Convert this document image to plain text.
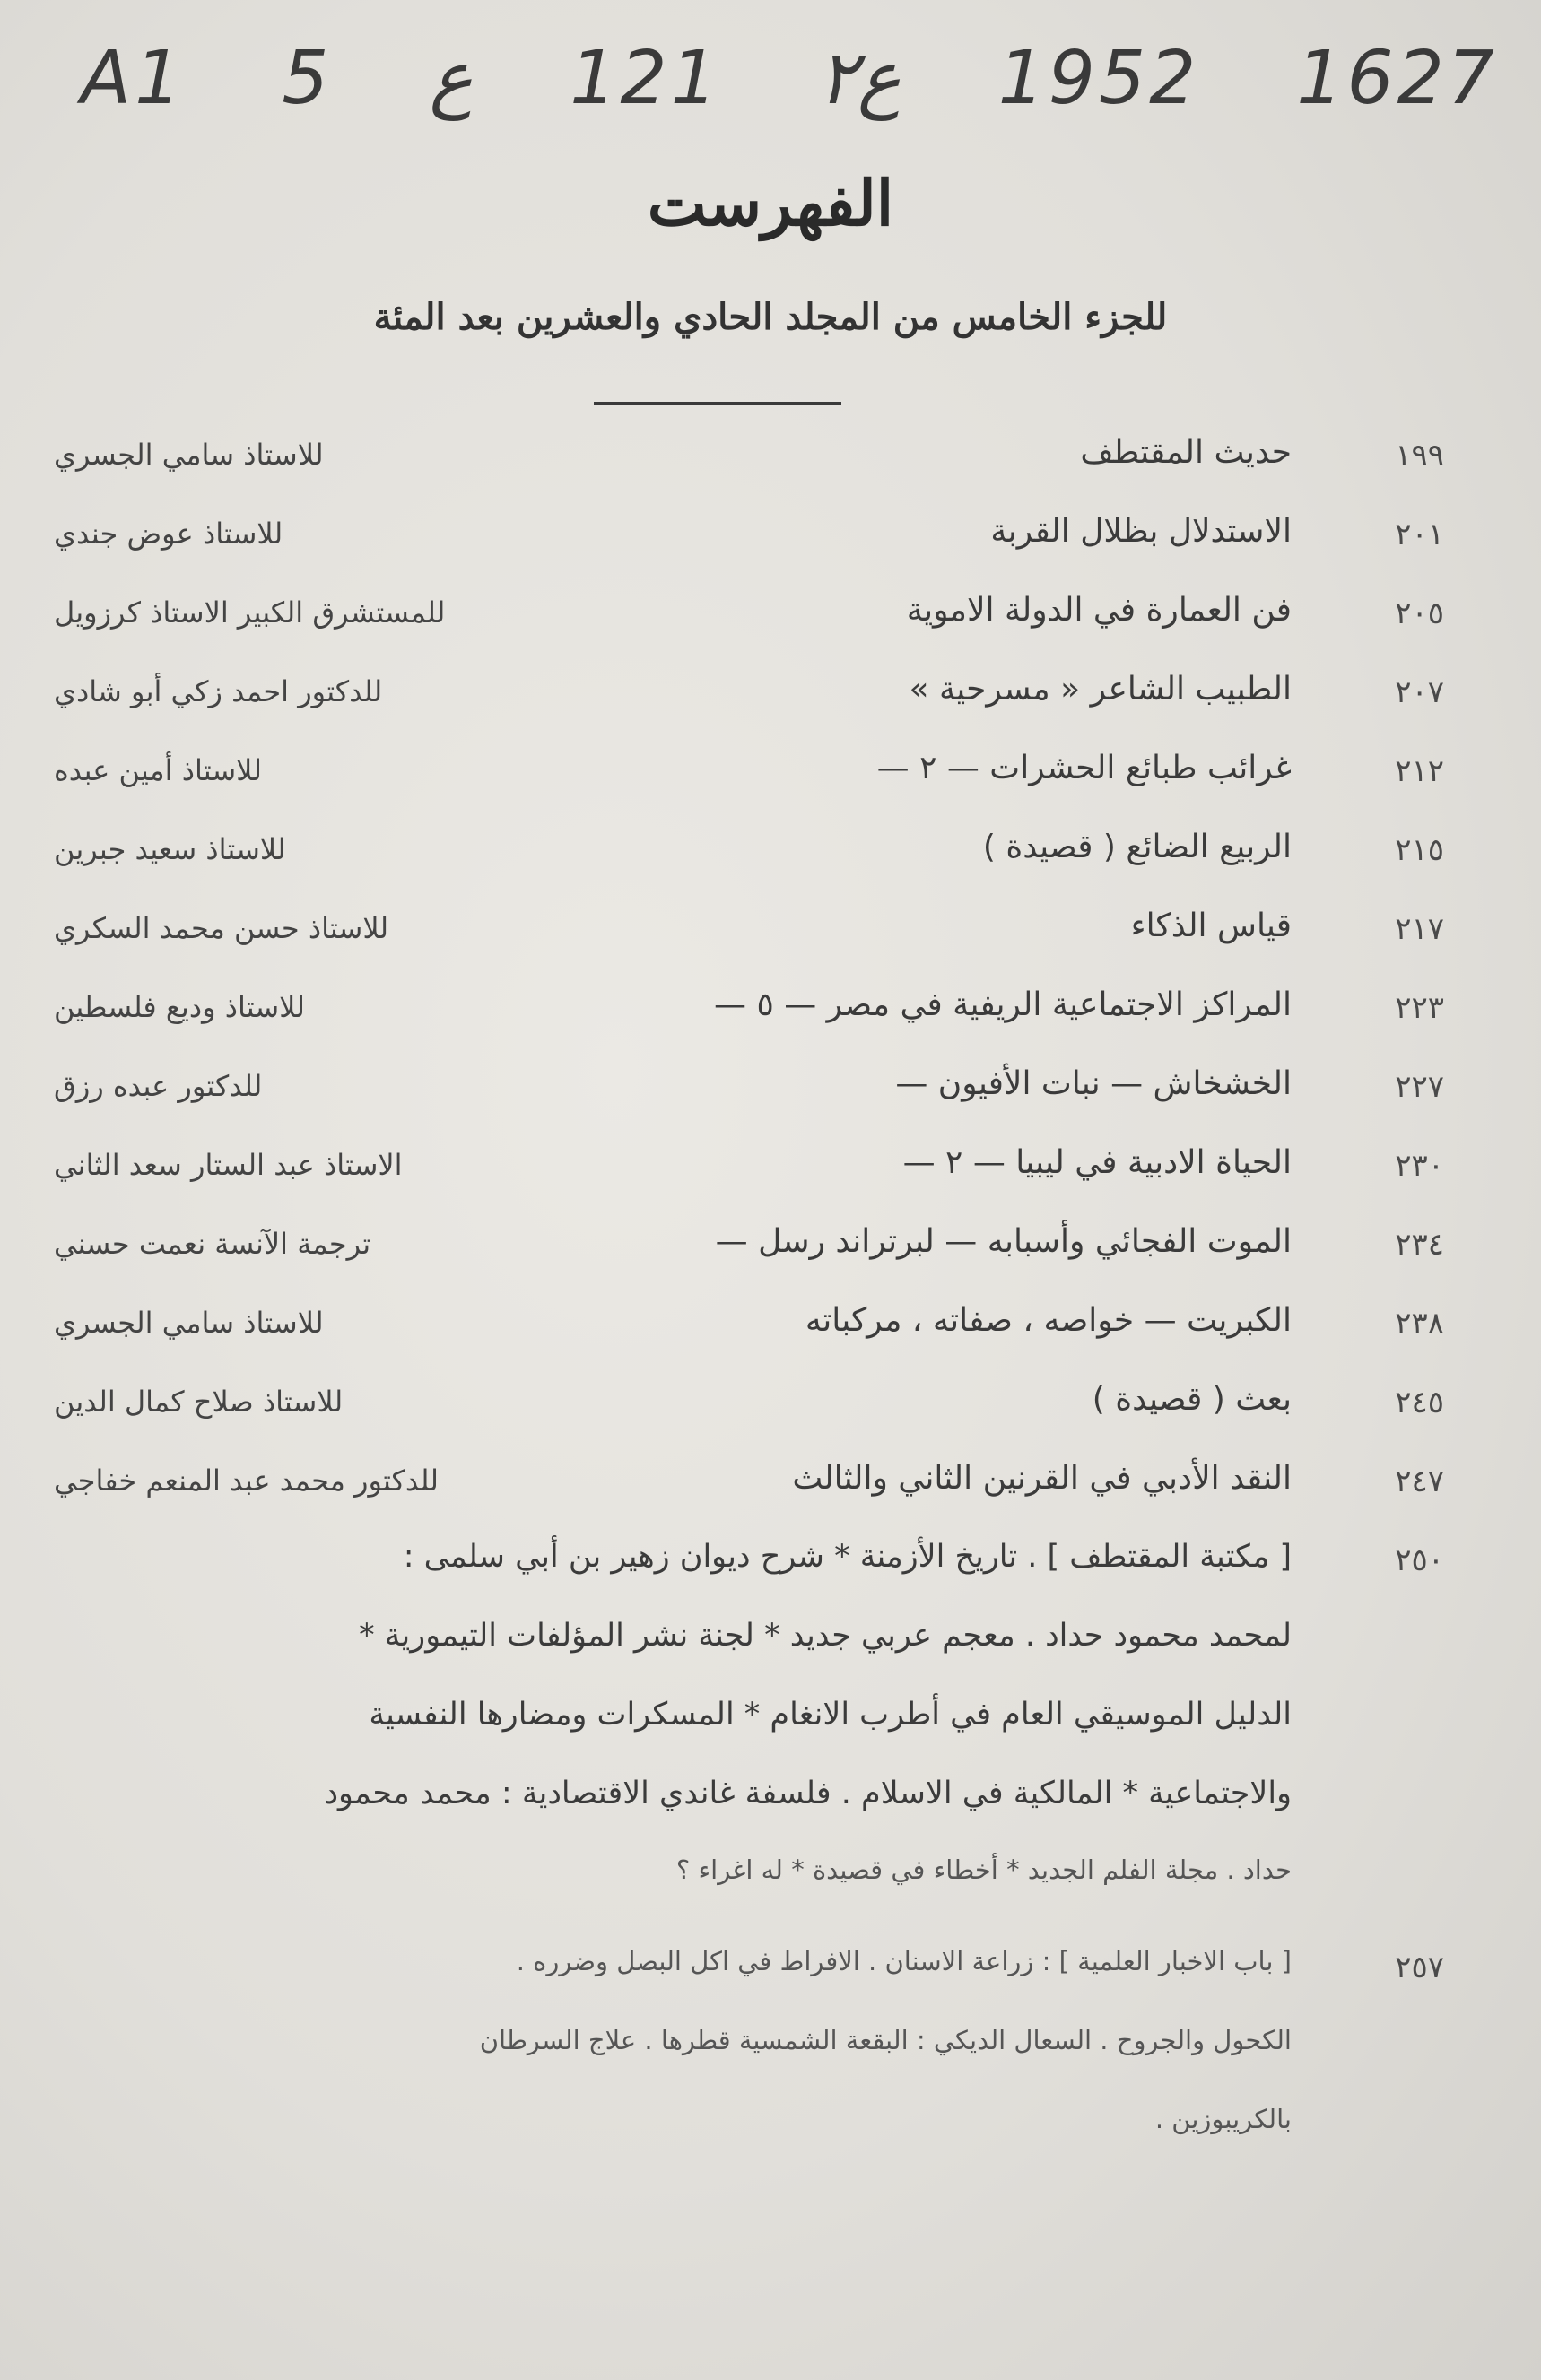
A1 5 ع 121 ع٢ 1952 1627
الفهرست
للجزء الخامس من المجلد الحادي والعشرين بعد المئة
١٩٩
حديث المقتطف
للاستاذ سامي الجسري
٢٠١
الاستدلال بظلال القربة
للاستاذ عوض جندي
٢٠٥
فن العمارة في الدولة الاموية
للمستشرق الكبير الاستاذ كرزويل
٢٠٧
الطبيب الشاعر « مسرحية »
للدكتور احمد زكي أبو شادي
٢١٢
غرائب طبائع الحشرات — ٢ —
للاستاذ أمين عبده
٢١٥
الربيع الضائع ( قصيدة )
للاستاذ سعيد جبرين
٢١٧
قياس الذكاء
للاستاذ حسن محمد السكري
٢٢٣
المراكز الاجتماعية الريفية في مصر — ٥ —
للاستاذ وديع فلسطين
٢٢٧
الخشخاش — نبات الأفيون —
للدكتور عبده رزق
٢٣٠
الحياة الادبية في ليبيا — ٢ —
الاستاذ عبد الستار سعد الثاني
٢٣٤
الموت الفجائي وأسبابه — لبرتراند رسل —
ترجمة الآنسة نعمت حسني
٢٣٨
الكبريت — خواصه ، صفاته ، مركباته
للاستاذ سامي الجسري
٢٤٥
بعث ( قصيدة )
للاستاذ صلاح كمال الدين
٢٤٧
النقد الأدبي في القرنين الثاني والثالث
للدكتور محمد عبد المنعم خفاجي
٢٥٠
[ مكتبة المقتطف ] . تاريخ الأزمنة * شرح ديوان زهير بن أبي سلمى :
لمحمد محمود حداد . معجم عربي جديد * لجنة نشر المؤلفات التيمورية *
الدليل الموسيقي العام في أطرب الانغام * المسكرات ومضارها النفسية
والاجتماعية * المالكية في الاسلام . فلسفة غاندي الاقتصادية : محمد محمود
حداد . مجلة الفلم الجديد * أخطاء في قصيدة * له اغراء ؟
٢٥٧
[ باب الاخبار العلمية ] : زراعة الاسنان . الافراط في اكل البصل وضرره .
الكحول والجروح . السعال الديكي : البقعة الشمسية قطرها . علاج السرطان
بالكريبوزين .
